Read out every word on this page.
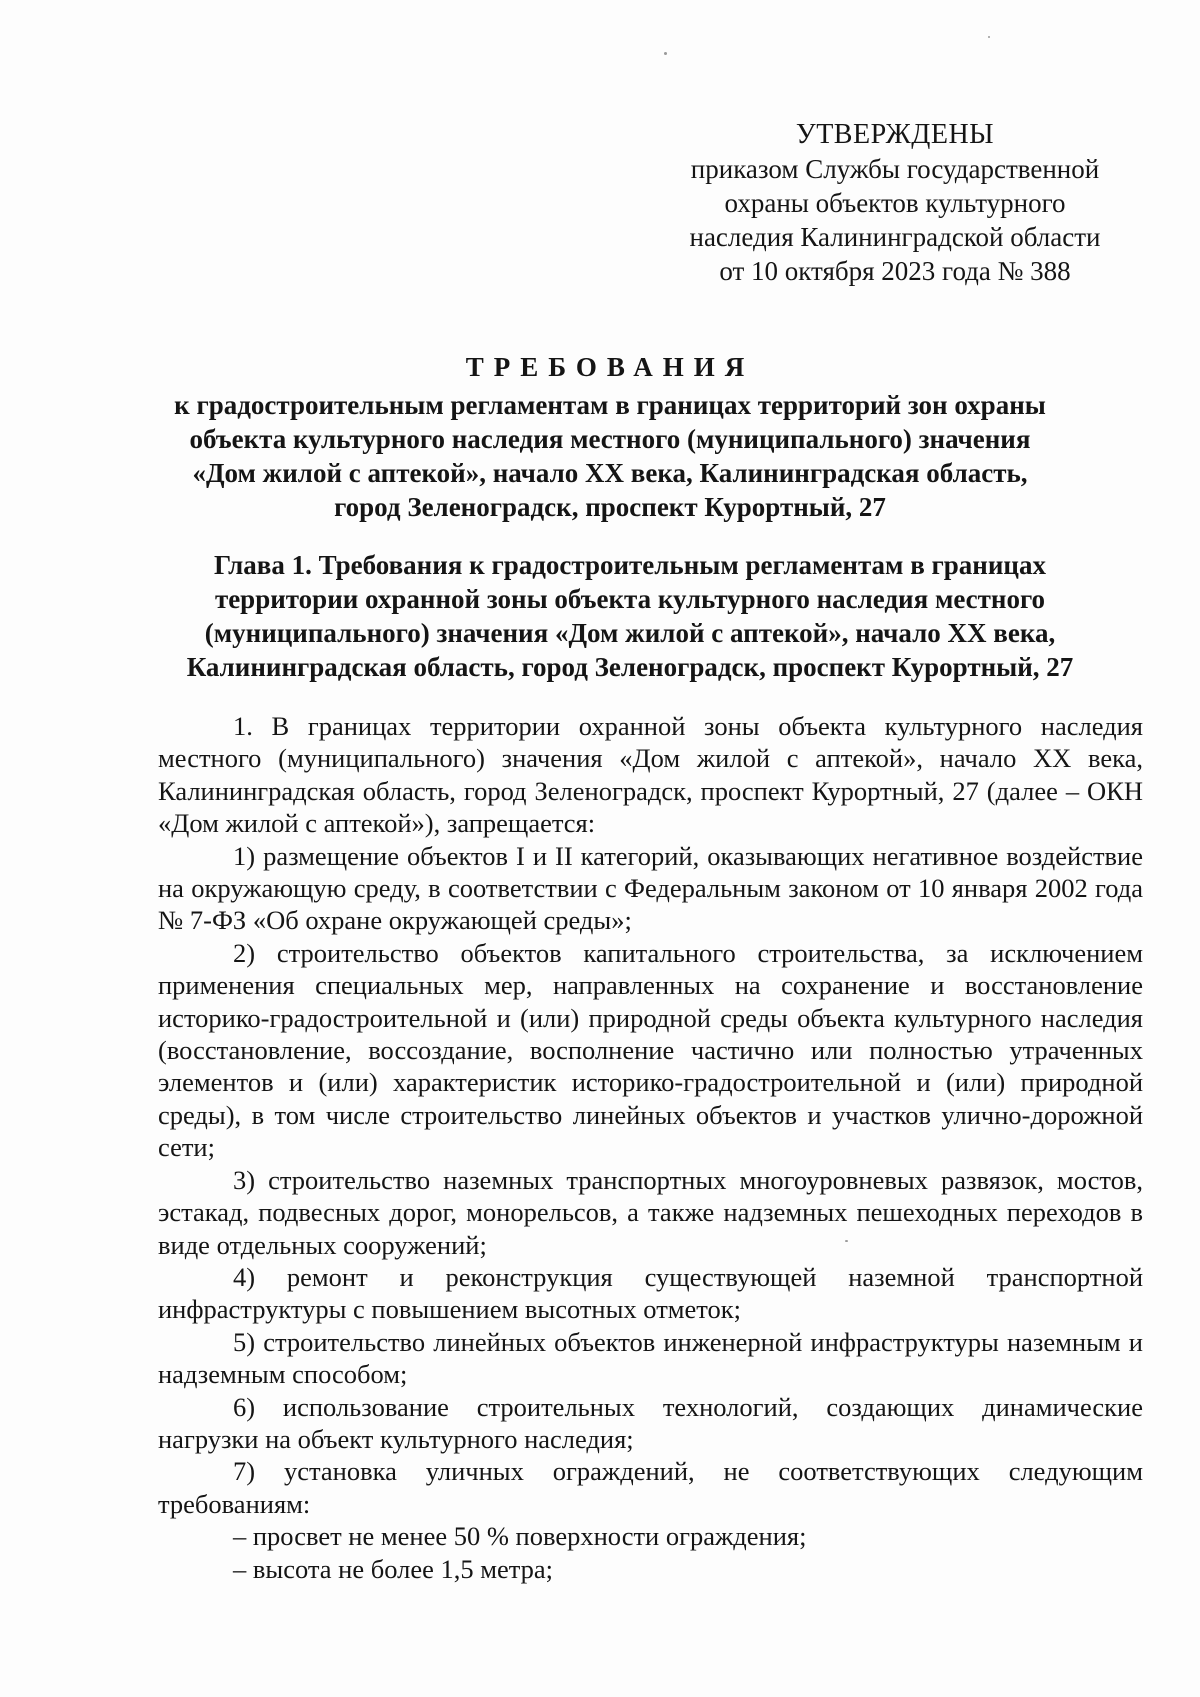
УТВЕРЖДЕНЫ
приказом Службы государственной
охраны объектов культурного
наследия Калининградской области
от 10 октября 2023 года № 388
ТРЕБОВАНИЯ
к градостроительным регламентам в границах территорий зон охраны
объекта культурного наследия местного (муниципального) значения
«Дом жилой с аптекой», начало XX века, Калининградская область,
город Зеленоградск, проспект Курортный, 27
Глава 1. Требования к градостроительным регламентам в границах
территории охранной зоны объекта культурного наследия местного
(муниципального) значения «Дом жилой с аптекой», начало XX века,
Калининградская область, город Зеленоградск, проспект Курортный, 27

1. В границах территории охранной зоны объекта культурного наследия местного (муниципального) значения «Дом жилой с аптекой», начало XX века, Калининградская область, город Зеленоградск, проспект Курортный, 27 (далее – ОКН «Дом жилой с аптекой»), запрещается:

1) размещение объектов I и II категорий, оказывающих негативное воздействие на окружающую среду, в соответствии с Федеральным законом от 10 января 2002 года № 7-ФЗ «Об охране окружающей среды»;

2) строительство объектов капитального строительства, за исключением применения специальных мер, направленных на сохранение и восстановление историко-градостроительной и (или) природной среды объекта культурного наследия (восстановление, воссоздание, восполнение частично или полностью утраченных элементов и (или) характеристик историко-градостроительной и (или) природной среды), в том числе строительство линейных объектов и участков улично-дорожной сети;

3) строительство наземных транспортных многоуровневых развязок, мостов, эстакад, подвесных дорог, монорельсов, а также надземных пешеходных переходов в виде отдельных сооружений;

4) ремонт и реконструкция существующей наземной транспортной инфраструктуры с повышением высотных отметок;

5) строительство линейных объектов инженерной инфраструктуры наземным и надземным способом;

6) использование строительных технологий, создающих динамические нагрузки на объект культурного наследия;

7) установка уличных ограждений, не соответствующих следующим требованиям:

– просвет не менее 50 % поверхности ограждения;

– высота не более 1,5 метра;
